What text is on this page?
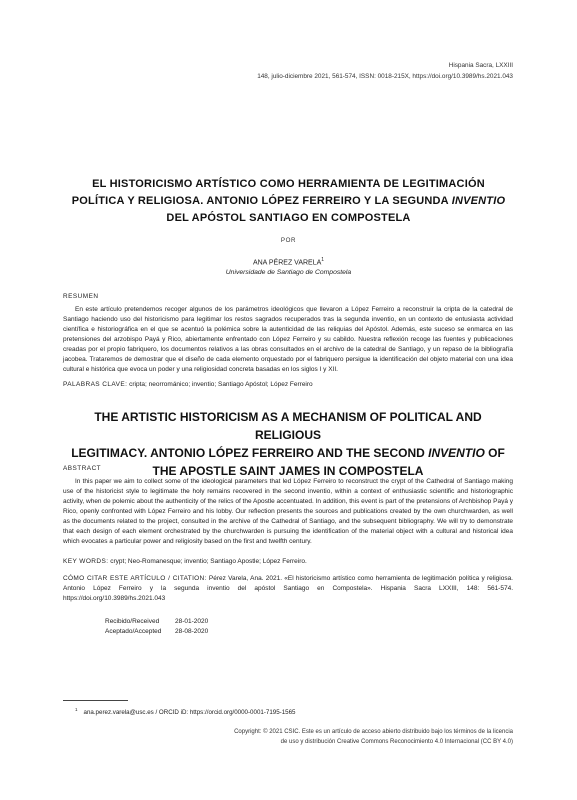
Hispania Sacra, LXXIII
148, julio-diciembre 2021, 561-574, ISSN: 0018-215X, https://doi.org/10.3989/hs.2021.043
EL HISTORICISMO ARTÍSTICO COMO HERRAMIENTA DE LEGITIMACIÓN
POLÍTICA Y RELIGIOSA. ANTONIO LÓPEZ FERREIRO Y LA SEGUNDA INVENTIO
DEL APÓSTOL SANTIAGO EN COMPOSTELA
POR
ANA PÉREZ VARELA$^1$
Universidade de Santiago de Compostela
RESUMEN
En este artículo pretendemos recoger algunos de los parámetros ideológicos que llevaron a López Ferreiro a reconstruir la cripta de la catedral de Santiago haciendo uso del historicismo para legitimar los restos sagrados recuperados tras la segunda inventio, en un contexto de entusiasta actividad científica e historiográfica en el que se acentuó la polémica sobre la autenticidad de las reliquias del Apóstol. Además, este suceso se enmarca en las pretensiones del arzobispo Payá y Rico, abiertamente enfrentado con López Ferreiro y su cabildo. Nuestra reflexión recoge las fuentes y publicaciones creadas por el propio fabriquero, los documentos relativos a las obras consultados en el archivo de la catedral de Santiago, y un repaso de la bibliografía jacobea. Trataremos de demostrar que el diseño de cada elemento orquestado por el fabriquero persigue la identificación del objeto material con una idea cultural e histórica que evoca un poder y una religiosidad concreta basadas en los siglos I y XII.
PALABRAS CLAVE: cripta; neorrománico; inventio; Santiago Apóstol; López Ferreiro
THE ARTISTIC HISTORICISM AS A MECHANISM OF POLITICAL AND RELIGIOUS
LEGITIMACY. ANTONIO LÓPEZ FERREIRO AND THE SECOND INVENTIO OF
THE APOSTLE SAINT JAMES IN COMPOSTELA
ABSTRACT
In this paper we aim to collect some of the ideological parameters that led López Ferreiro to reconstruct the crypt of the Cathedral of Santiago making use of the historicist style to legitimate the holy remains recovered in the second inventio, within a context of enthusiastic scientific and historiographic activity, when de polemic about the authenticity of the relics of the Apostle accentuated. In addition, this event is part of the pretensions of Archbishop Payá y Rico, openly confronted with López Ferreiro and his lobby. Our reflection presents the sources and publications created by the own churchwarden, as well as the documents related to the project, consulted in the archive of the Cathedral of Santiago, and the subsequent bibliography. We will try to demonstrate that each design of each element orchestrated by the churchwarden is pursuing the identification of the material object with a cultural and historical idea which evocates a particular power and religiosity based on the first and twelfth century.
KEY WORDS: crypt; Neo-Romanesque; inventio; Santiago Apostle; López Ferreiro.
CÓMO CITAR ESTE ARTÍCULO / CITATION: Pérez Varela, Ana. 2021. «El historicismo artístico como herramienta de legitimación política y religiosa. Antonio López Ferreiro y la segunda inventio del apóstol Santiago en Compostela». Hispania Sacra LXXIII, 148: 561-574. https://doi.org/10.3989/hs.2021.043
Recibido/Received	28-01-2020
Aceptado/Accepted	28-08-2020
$^1$ ana.perez.varela@usc.es / ORCID iD: https://orcid.org/0000-0001-7195-1565
Copyright: © 2021 CSIC. Este es un artículo de acceso abierto distribuido bajo los términos de la licencia
de uso y distribución Creative Commons Reconocimiento 4.0 Internacional (CC BY 4.0)
